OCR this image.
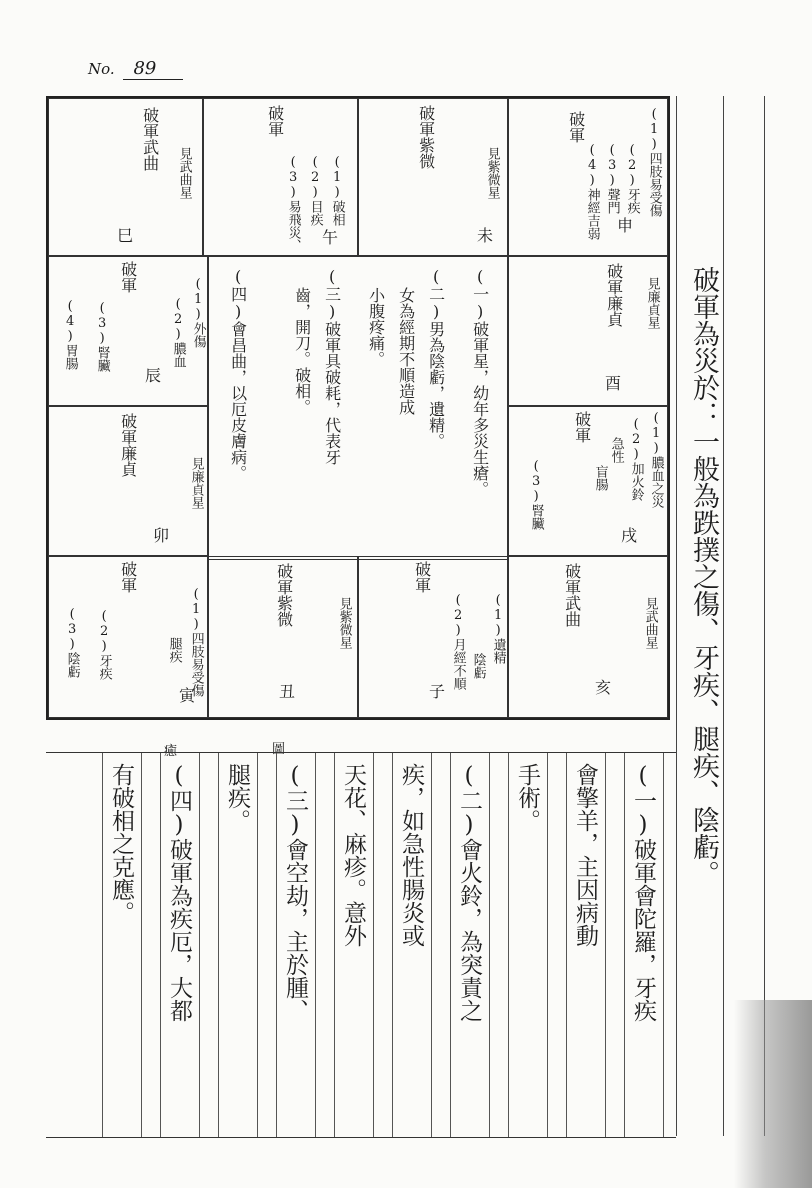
No. 89
破軍武曲
見武曲星
巳
破軍
(1)破相
(2)目疾
(3)易飛災、 午
破軍紫微
見紫微星
未
破軍	(1)四肢易受傷
(2)牙疾
(3)聲門
(4)神經吉弱 申
破軍	(1)外傷
(2)膿血
(3)腎臟
(4)胃腸
辰
破軍廉貞
見廉貞星
卯
破軍
(1)四肢易受傷
腿疾
(2)牙疾
(3)陰虧
寅
破軍廉貞 見廉貞星
酉
破軍	(1)膿血之災
(2)加火鈴
急性
盲腸
(3)腎臟
戌
破軍武曲	見武曲星
亥
破軍紫微	見紫微星
丑
破軍
(1)遺精
陰虧
(2)月經不順
子
(一)破軍星，幼年多災生瘡。
(二)男為陰虧，遺精。
女為經期不順造成
小腹疼痛。
(三)破軍具破耗，代表牙
齒，開刀。破相。
(四)會昌曲，以厄皮膚病。	破軍為災於：一般為跌撲之傷、牙疾、腿疾、陰虧。
癒	圖
(一)破軍會陀羅，牙疾
會擎羊，主因病動
手術。
(二)會火鈴，為突責之
疾，如急性腸炎或
天花、麻疹。意外
(三)會空劫，主於腫、
腿疾。
(四)破軍為疾厄，大都
有破相之克應。
